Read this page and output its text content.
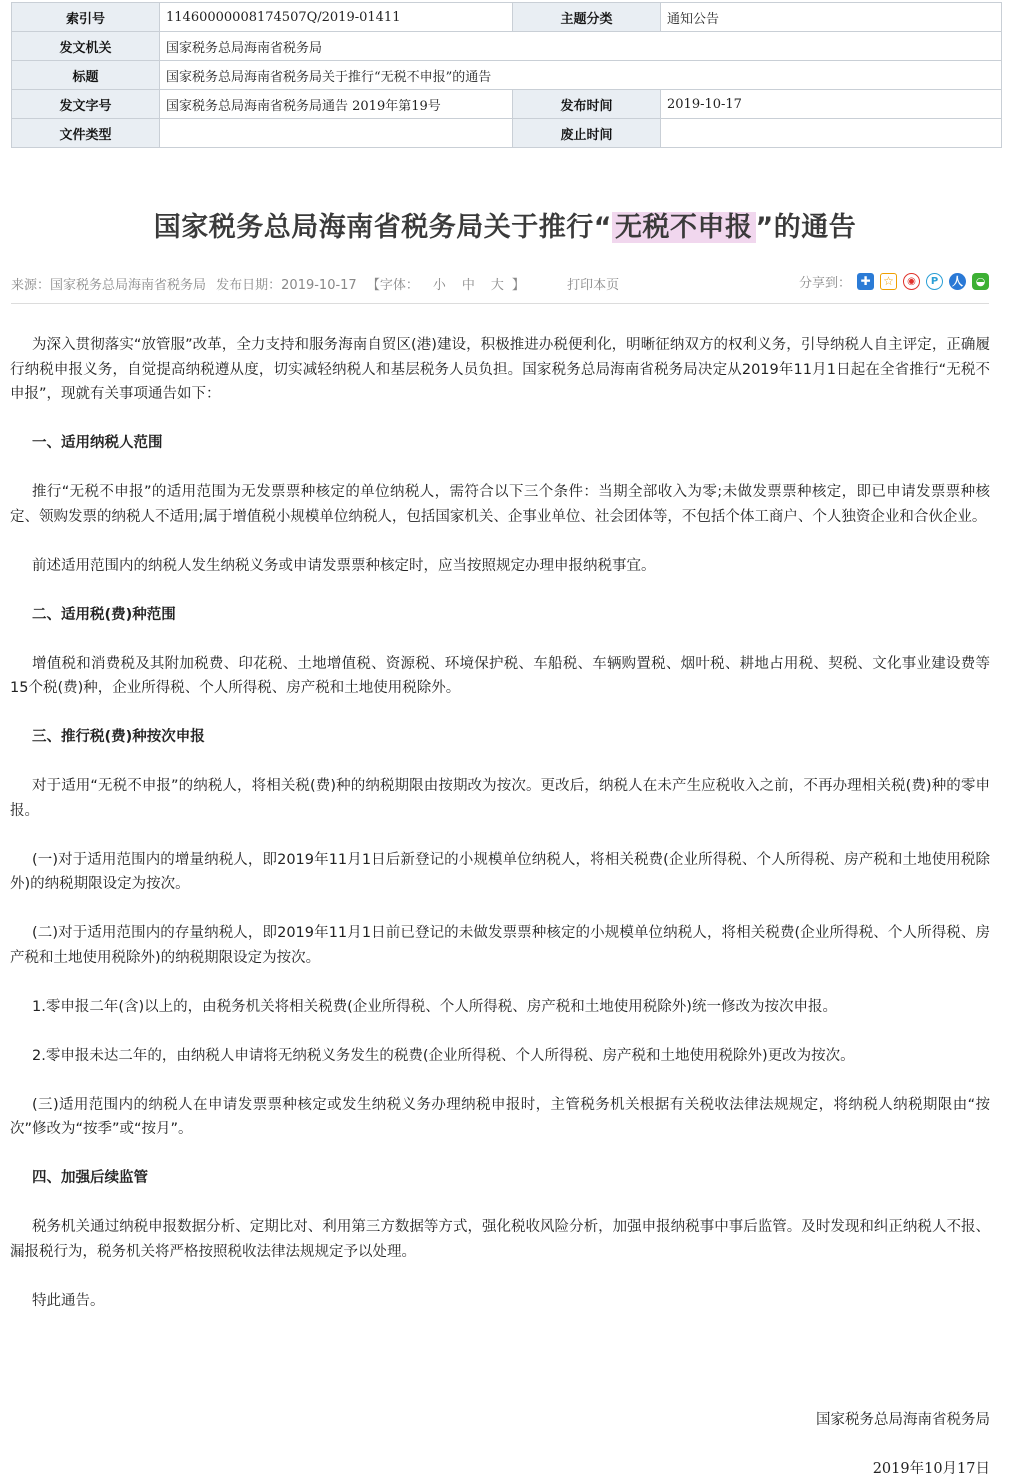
索引号	11460000008174507Q/2019-01411	主题分类	通知公告
发文机关	国家税务总局海南省税务局		
标题	国家税务总局海南省税务局关于推行“无税不申报”的通告		
发文字号	国家税务总局海南省税务局通告 2019年第19号	发布时间	2019-10-17
文件类型		废止时间	
国家税务总局海南省税务局关于推行“ 无税不申报 ”的通告
来源：国家税务总局海南省税务局 发布日期：2019-10-17 【字体： 小 中 大 】	打印本页	分享到： ✚ ☆	◉	P	人	◒

为深入贯彻落实“放管服”改革，全力支持和服务海南自贸区(港)建设，积极推进办税便利化，明晰征纳双方的权利义务，引导纳税人自主评定，正确履行纳税申报义务，自觉提高纳税遵从度，切实减轻纳税人和基层税务人员负担。国家税务总局海南省税务局决定从2019年11月1日起在全省推行“无税不申报”，现就有关事项通告如下：

一、适用纳税人范围

推行“无税不申报”的适用范围为无发票票种核定的单位纳税人，需符合以下三个条件：当期全部收入为零;未做发票票种核定，即已申请发票票种核定、领购发票的纳税人不适用;属于增值税小规模单位纳税人，包括国家机关、企事业单位、社会团体等，不包括个体工商户、个人独资企业和合伙企业。

前述适用范围内的纳税人发生纳税义务或申请发票票种核定时，应当按照规定办理申报纳税事宜。

二、适用税(费)种范围

增值税和消费税及其附加税费、印花税、土地增值税、资源税、环境保护税、车船税、车辆购置税、烟叶税、耕地占用税、契税、文化事业建设费等15个税(费)种，企业所得税、个人所得税、房产税和土地使用税除外。

三、推行税(费)种按次申报

对于适用“无税不申报”的纳税人，将相关税(费)种的纳税期限由按期改为按次。更改后，纳税人在未产生应税收入之前，不再办理相关税(费)种的零申报。

(一)对于适用范围内的增量纳税人，即2019年11月1日后新登记的小规模单位纳税人，将相关税费(企业所得税、个人所得税、房产税和土地使用税除外)的纳税期限设定为按次。

(二)对于适用范围内的存量纳税人，即2019年11月1日前已登记的未做发票票种核定的小规模单位纳税人，将相关税费(企业所得税、个人所得税、房产税和土地使用税除外)的纳税期限设定为按次。

1.零申报二年(含)以上的，由税务机关将相关税费(企业所得税、个人所得税、房产税和土地使用税除外)统一修改为按次申报。

2.零申报未达二年的，由纳税人申请将无纳税义务发生的税费(企业所得税、个人所得税、房产税和土地使用税除外)更改为按次。

(三)适用范围内的纳税人在申请发票票种核定或发生纳税义务办理纳税申报时，主管税务机关根据有关税收法律法规规定，将纳税人纳税期限由“按次”修改为“按季”或“按月”。

四、加强后续监管

税务机关通过纳税申报数据分析、定期比对、利用第三方数据等方式，强化税收风险分析，加强申报纳税事中事后监管。及时发现和纠正纳税人不报、漏报税行为，税务机关将严格按照税收法律法规规定予以处理。

特此通告。

国家税务总局海南省税务局
2019年10月17日
